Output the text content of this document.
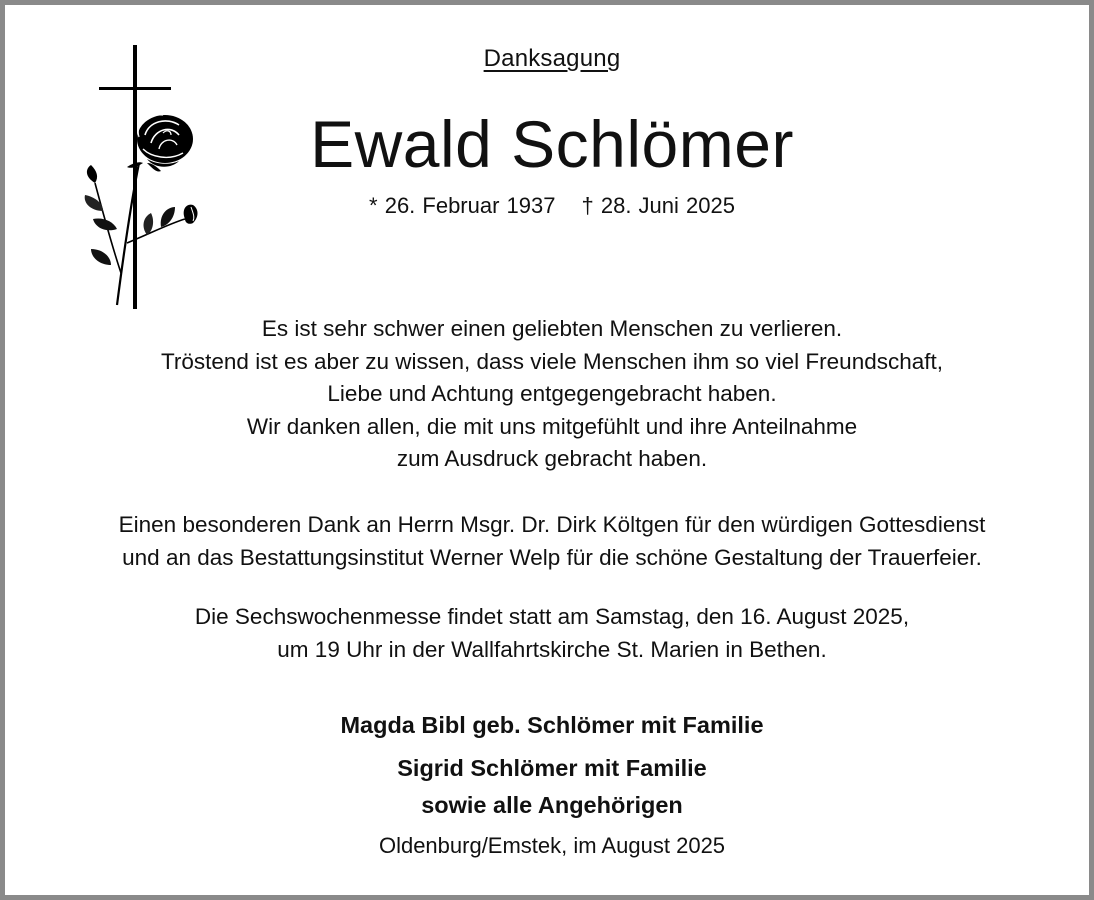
Danksagung
Ewald Schlömer
* 26. Februar 1937 † 28. Juni 2025
Es ist sehr schwer einen geliebten Menschen zu verlieren.
Tröstend ist es aber zu wissen, dass viele Menschen ihm so viel Freundschaft,
Liebe und Achtung entgegengebracht haben.
Wir danken allen, die mit uns mitgefühlt und ihre Anteilnahme
zum Ausdruck gebracht haben.
Einen besonderen Dank an Herrn Msgr. Dr. Dirk Költgen für den würdigen Gottesdienst
und an das Bestattungsinstitut Werner Welp für die schöne Gestaltung der Trauerfeier.
Die Sechswochenmesse findet statt am Samstag, den 16. August 2025,
um 19 Uhr in der Wallfahrtskirche St. Marien in Bethen.
Magda Bibl geb. Schlömer mit Familie
Sigrid Schlömer mit Familie
sowie alle Angehörigen
Oldenburg/Emstek, im August 2025
